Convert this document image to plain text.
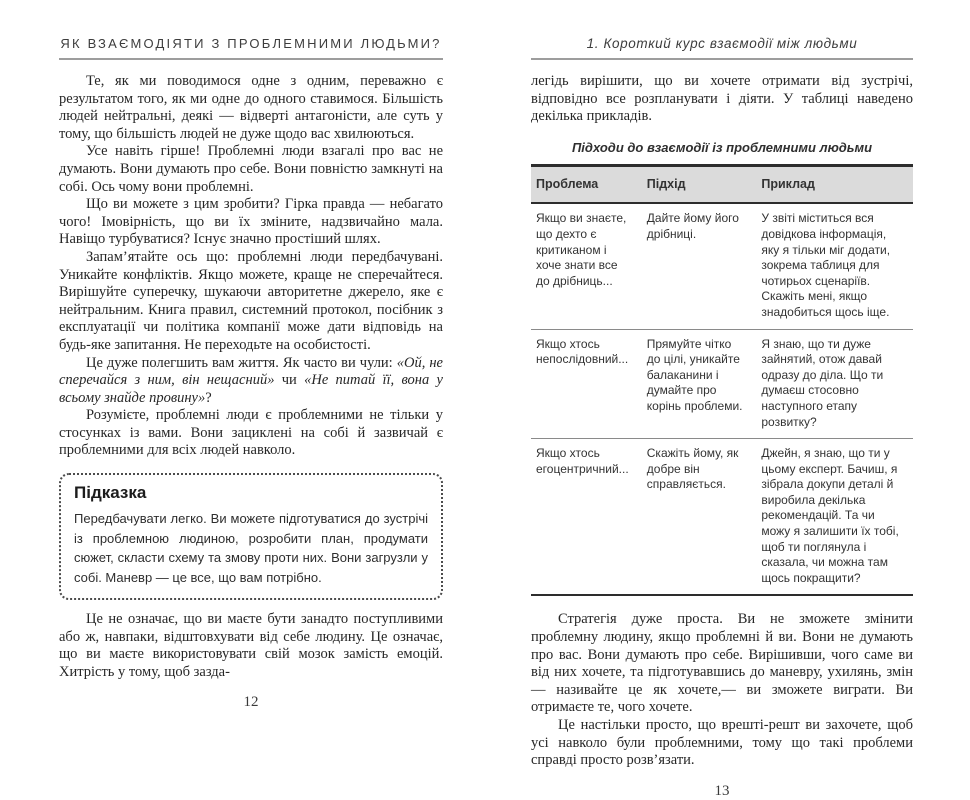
ЯК ВЗАЄМОДІЯТИ З ПРОБЛЕМНИМИ ЛЮДЬМИ?

Те, як ми поводимося одне з одним, переважно є результатом того, як ми одне до одного ставимося. Більшість людей нейтральні, деякі — відверті антагоністи, але суть у тому, що більшість людей не дуже щодо вас хвилюються.

Усе навіть гірше! Проблемні люди взагалі про вас не думають. Вони думають про себе. Вони повністю замкнуті на собі. Ось чому вони проблемні.

Що ви можете з цим зробити? Гірка правда — небагато чого! Імовірність, що ви їх зміните, надзвичайно мала. Навіщо турбуватися? Існує значно простіший шлях.

Запам’ятайте ось що: проблемні люди передбачувані. Уникайте конфліктів. Якщо можете, краще не сперечайтеся. Вирішуйте суперечку, шукаючи авторитетне джерело, яке є нейтральним. Книга правил, системний протокол, посібник з експлуатації чи політика компанії може дати відповідь на будь-яке запитання. Не переходьте на особистості.

Це дуже полегшить вам життя. Як часто ви чули: «Ой, не сперечайся з ним, він нещасний» чи «Не питай її, вона у всьому знайде провину»?

Розумієте, проблемні люди є проблемними не тільки у стосунках із вами. Вони зациклені на собі й зазвичай є проблемними для всіх людей навколо.

Підказка

Передбачувати легко. Ви можете підготуватися до зустрічі із проблемною людиною, розробити план, продумати сюжет, скласти схему та змову проти них. Вони загрузли у собі. Маневр — це все, що вам потрібно.

Це не означає, що ви маєте бути занадто поступливими або ж, навпаки, відштовхувати від себе людину. Це означає, що ви маєте використовувати свій мозок замість емоцій. Хитрість у тому, щоб зазда-

12
1. Короткий курс взаємодії між людьми

легідь вирішити, що ви хочете отримати від зустрічі, відповідно все розпланувати і діяти. У таблиці наведено декілька прикладів.

Підходи до взаємодії із проблемними людьми
Проблема	Підхід	Приклад
Якщо ви знаєте, що дехто є критиканом і хоче знати все до дрібниць...	Дайте йому його дрібниці.	У звіті міститься вся довідкова інформація, яку я тільки міг додати, зокрема таблиця для чотирьох сценаріїв. Скажіть мені, якщо знадобиться щось іще.
Якщо хтось непослідовний...	Прямуйте чітко до цілі, уникайте балаканини і думайте про корінь проблеми.	Я знаю, що ти дуже зайнятий, отож давай одразу до діла. Що ти думаєш стосовно наступного етапу розвитку?
Якщо хтось егоцентричний...	Скажіть йому, як добре він справляється.	Джейн, я знаю, що ти у цьому експерт. Бачиш, я зібрала докупи деталі й виробила декілька рекомендацій. Та чи можу я залишити їх тобі, щоб ти поглянула і сказала, чи можна там щось покращити?

Стратегія дуже проста. Ви не зможете змінити проблемну людину, якщо проблемні й ви. Вони не думають про вас. Вони думають про себе. Вирішивши, чого саме ви від них хочете, та підготувавшись до маневру, ухилянь, змін — називайте це як хочете,— ви зможете виграти. Ви отримаєте те, чого хочете.

Це настільки просто, що врешті-решт ви захочете, щоб усі навколо були проблемними, тому що такі проблеми справді просто розв’язати.

13
